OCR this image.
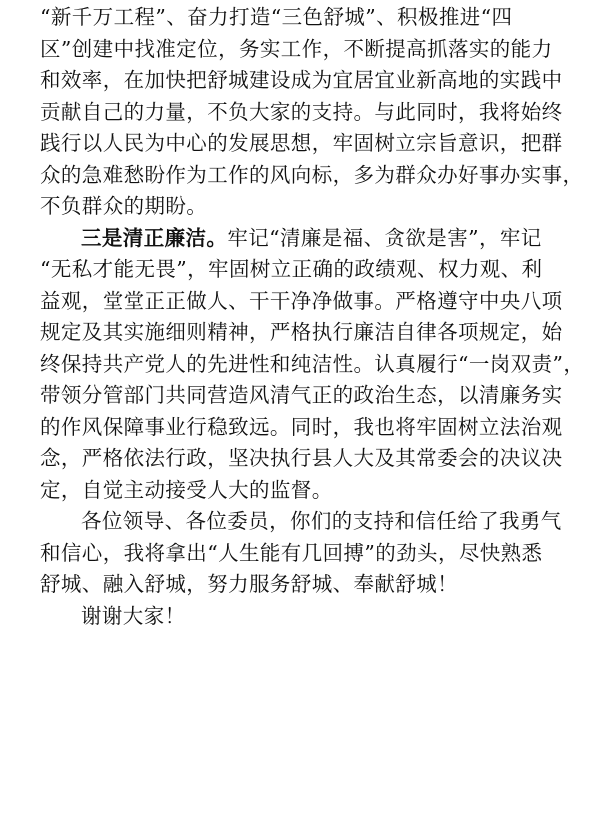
“新千万工程”、奋力打造“三色舒城”、积极推进“四
区”创建中找准定位，务实工作，不断提高抓落实的能力
和效率，在加快把舒城建设成为宜居宜业新高地的实践中
贡献自己的力量，不负大家的支持。与此同时，我将始终
践行以人民为中心的发展思想，牢固树立宗旨意识，把群
众的急难愁盼作为工作的风向标，多为群众办好事办实事，
不负群众的期盼。
三是清正廉洁。牢记“清廉是福、贪欲是害”，牢记
“无私才能无畏”，牢固树立正确的政绩观、权力观、利
益观，堂堂正正做人、干干净净做事。严格遵守中央八项
规定及其实施细则精神，严格执行廉洁自律各项规定，始
终保持共产党人的先进性和纯洁性。认真履行“一岗双责”，
带领分管部门共同营造风清气正的政治生态，以清廉务实
的作风保障事业行稳致远。同时，我也将牢固树立法治观
念，严格依法行政，坚决执行县人大及其常委会的决议决
定，自觉主动接受人大的监督。
各位领导、各位委员，你们的支持和信任给了我勇气
和信心，我将拿出“人生能有几回搏”的劲头，尽快熟悉
舒城、融入舒城，努力服务舒城、奉献舒城！
谢谢大家！
